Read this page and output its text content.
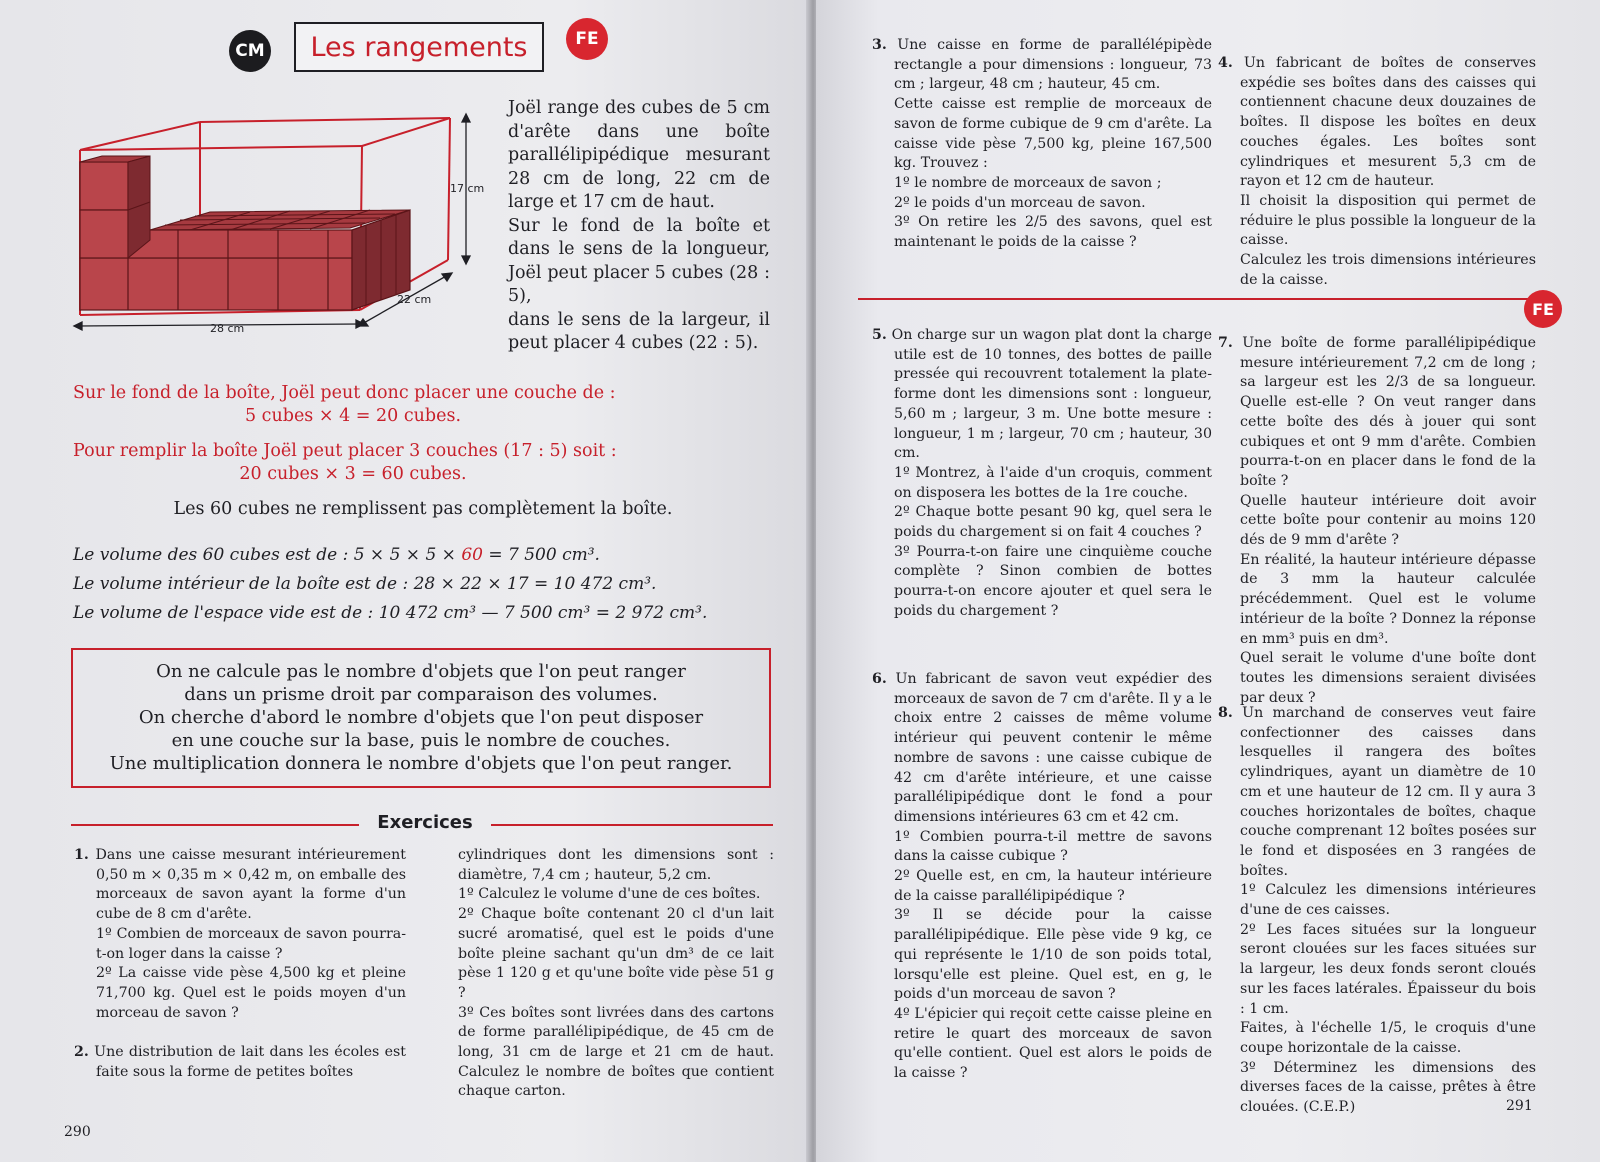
CM Les rangements	FE
17 cm
22 cm
28 cm

Joël range des cubes de 5 cm d'arête dans une boîte parallélipipédique mesurant 28 cm de long, 22 cm de large et 17 cm de haut.

Sur le fond de la boîte et dans le sens de la longueur, Joël peut placer 5 cubes (28 : 5),

dans le sens de la largeur, il peut placer 4 cubes (22 : 5).

Sur le fond de la boîte, Joël peut donc placer une couche de :
5 cubes × 4 = 20 cubes.
Pour remplir la boîte Joël peut placer 3 couches (17 : 5) soit :
20 cubes × 3 = 60 cubes.
Les 60 cubes ne remplissent pas complètement la boîte.
Le volume des 60 cubes est de : 5 × 5 × 5 × 60 = 7 500 cm³.
Le volume intérieur de la boîte est de : 28 × 22 × 17 = 10 472 cm³.
Le volume de l'espace vide est de : 10 472 cm³ — 7 500 cm³ = 2 972 cm³.

On ne calcule pas le nombre d'objets que l'on peut ranger

dans un prisme droit par comparaison des volumes.

On cherche d'abord le nombre d'objets que l'on peut disposer

en une couche sur la base, puis le nombre de couches.

Une multiplication donnera le nombre d'objets que l'on peut ranger.

Exercices

1. Dans une caisse mesurant intérieurement 0,50 m × 0,35 m × 0,42 m, on emballe des morceaux de savon ayant la forme d'un cube de 8 cm d'arête.

1º Combien de morceaux de savon pourra-t-on loger dans la caisse ?

2º La caisse vide pèse 4,500 kg et pleine 71,700 kg. Quel est le poids moyen d'un morceau de savon ?

2. Une distribution de lait dans les écoles est faite sous la forme de petites boîtes

cylindriques dont les dimensions sont : diamètre, 7,4 cm ; hauteur, 5,2 cm.

1º Calculez le volume d'une de ces boîtes.

2º Chaque boîte contenant 20 cl d'un lait sucré aromatisé, quel est le poids d'une boîte pleine sachant qu'un dm³ de ce lait pèse 1 120 g et qu'une boîte vide pèse 51 g ?

3º Ces boîtes sont livrées dans des cartons de forme parallélipipédique, de 45 cm de long, 31 cm de large et 21 cm de haut. Calculez le nombre de boîtes que contient chaque carton.

290

3. Une caisse en forme de parallélépipède rectangle a pour dimensions : longueur, 73 cm ; largeur, 48 cm ; hauteur, 45 cm.

Cette caisse est remplie de morceaux de savon de forme cubique de 9 cm d'arête. La caisse vide pèse 7,500 kg, pleine 167,500 kg. Trouvez :

1º le nombre de morceaux de savon ;

2º le poids d'un morceau de savon.

3º On retire les 2/5 des savons, quel est maintenant le poids de la caisse ?

4. Un fabricant de boîtes de conserves expédie ses boîtes dans des caisses qui contiennent chacune deux douzaines de boîtes. Il dispose les boîtes en deux couches égales. Les boîtes sont cylindriques et mesurent 5,3 cm de rayon et 12 cm de hauteur.

Il choisit la disposition qui permet de réduire le plus possible la longueur de la caisse.

Calculez les trois dimensions intérieures de la caisse.

FE

5. On charge sur un wagon plat dont la charge utile est de 10 tonnes, des bottes de paille pressée qui recouvrent totalement la plate-forme dont les dimensions sont : longueur, 5,60 m ; largeur, 3 m. Une botte mesure : longueur, 1 m ; largeur, 70 cm ; hauteur, 30 cm.

1º Montrez, à l'aide d'un croquis, comment on disposera les bottes de la 1re couche.

2º Chaque botte pesant 90 kg, quel sera le poids du chargement si on fait 4 couches ?

3º Pourra-t-on faire une cinquième couche complète ? Sinon combien de bottes pourra-t-on encore ajouter et quel sera le poids du chargement ?

6. Un fabricant de savon veut expédier des morceaux de savon de 7 cm d'arête. Il y a le choix entre 2 caisses de même volume intérieur qui peuvent contenir le même nombre de savons : une caisse cubique de 42 cm d'arête intérieure, et une caisse parallélipipédique dont le fond a pour dimensions intérieures 63 cm et 42 cm.

1º Combien pourra-t-il mettre de savons dans la caisse cubique ?

2º Quelle est, en cm, la hauteur intérieure de la caisse parallélipipédique ?

3º Il se décide pour la caisse parallélipipédique. Elle pèse vide 9 kg, ce qui représente le 1/10 de son poids total, lorsqu'elle est pleine. Quel est, en g, le poids d'un morceau de savon ?

4º L'épicier qui reçoit cette caisse pleine en retire le quart des morceaux de savon qu'elle contient. Quel est alors le poids de la caisse ?

7. Une boîte de forme parallélipipédique mesure intérieurement 7,2 cm de long ; sa largeur est les 2/3 de sa longueur. Quelle est-elle ? On veut ranger dans cette boîte des dés à jouer qui sont cubiques et ont 9 mm d'arête. Combien pourra-t-on en placer dans le fond de la boîte ?

Quelle hauteur intérieure doit avoir cette boîte pour contenir au moins 120 dés de 9 mm d'arête ?

En réalité, la hauteur intérieure dépasse de 3 mm la hauteur calculée précédemment. Quel est le volume intérieur de la boîte ? Donnez la réponse en mm³ puis en dm³.

Quel serait le volume d'une boîte dont toutes les dimensions seraient divisées par deux ?

8. Un marchand de conserves veut faire confectionner des caisses dans lesquelles il rangera des boîtes cylindriques, ayant un diamètre de 10 cm et une hauteur de 12 cm. Il y aura 3 couches horizontales de boîtes, chaque couche comprenant 12 boîtes posées sur le fond et disposées en 3 rangées de boîtes.

1º Calculez les dimensions intérieures d'une de ces caisses.

2º Les faces situées sur la longueur seront clouées sur les faces situées sur la largeur, les deux fonds seront cloués sur les faces latérales. Épaisseur du bois : 1 cm.

Faites, à l'échelle 1/5, le croquis d'une coupe horizontale de la caisse.

3º Déterminez les dimensions des diverses faces de la caisse, prêtes à être clouées. (C.E.P.)	291
